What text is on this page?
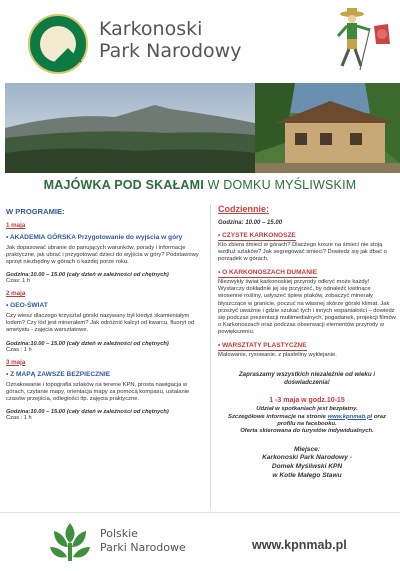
Karkonoski
Park Narodowy
MAJÓWKA POD SKAŁAMI W DOMKU MYŚLIWSKIM
W PROGRAMIE:
1 maja
• AKADEMIA GÓRSKA Przygotowanie do wyjścia w góry
Jak dopasować ubranie do panujących warunków, porady i informacje praktyczne, jak ubrać i przygotować dzieci do wyjścia w góry? Podstawowy sprzęt niezbędny w górach o każdej porze roku.
Godzina:10.00 – 15.00 (cały dzień w zależności od chętnych)
Czas: 1 h
2 maja
• GEO-ŚWIAT
Czy wiesz dlaczego krzyształ górski nazywany był kiedyś skamieniałym lodem? Czy lód jest minerałem? Jak odróżnić kalcyt od kwarcu, fluoryt od ametystu - zajęcia warsztatowe.
Godzina:10.00 – 15.00 (cały dzień w zależności od chętnych)
Czas : 1 h
3 maja
• Z MAPĄ ZAWSZE BEZPIECZNIE
Oznakowanie i topografia szlaków na terenie KPN, prosta nawigacja w górach, czytanie mapy, orientacja mapy za pomocą kompasu, ustalanie czasów przejścia, odległości itp. zajęcia praktyczne.
Godzina:10.00 – 15.00 (cały dzień w zależności od chętnych)
Czas : 1 h
Codziennie:
Godzina: 10.00 – 15.00
• CZYSTE KARKONOSZE
Kto zbiera śmieci w górach? Dlaczego kosze na śmieci nie stoją wzdłuż szlaków? Jak segregować śmieci? Dowiedz się jak dbać o porządek w górach.
• O KARKONOSZACH DUMANIE
Niezwykły świat karkonoskiej przyrody odkryć może każdy! Wystarczy dokładnie jej się przyjrzeć, by odnaleźć kwitnące wiosenne rośliny, usłyszeć śpiew ptaków, zobaczyć minerały błyszczące w granicie, poczuć na własnej skórze górski klimat. Jak przeżyć uważnie i gdzie szukać tych i innych wspaniałości – dowiedz się podczas prezentacji multimedialnych, pogadanek, projekcji filmów o Karkonoszach oraz podczas obserwacji elementów przyrody w powiększeniu.
• WARSZTATY PLASTYCZNE
Malowanie, rysowanie, z plasteliny wyklejanie.
Zapraszamy wszystkich niezależnie od wieku i
doświadczenia!
1 -3 maja w godz.10-15
Udział w spotkaniach jest bezpłatny.
Szczegółowe informacje na stronie www.kpnmab.pl oraz
profilu na facebooku.
Oferta skierowana do turystów indywidualnych.
Miejsce:
Karkonoski Park Narodowy -
Domek Myśliwski KPN
w Kotle Małego Stawu
Polskie
Parki Narodowe	www.kpnmab.pl
